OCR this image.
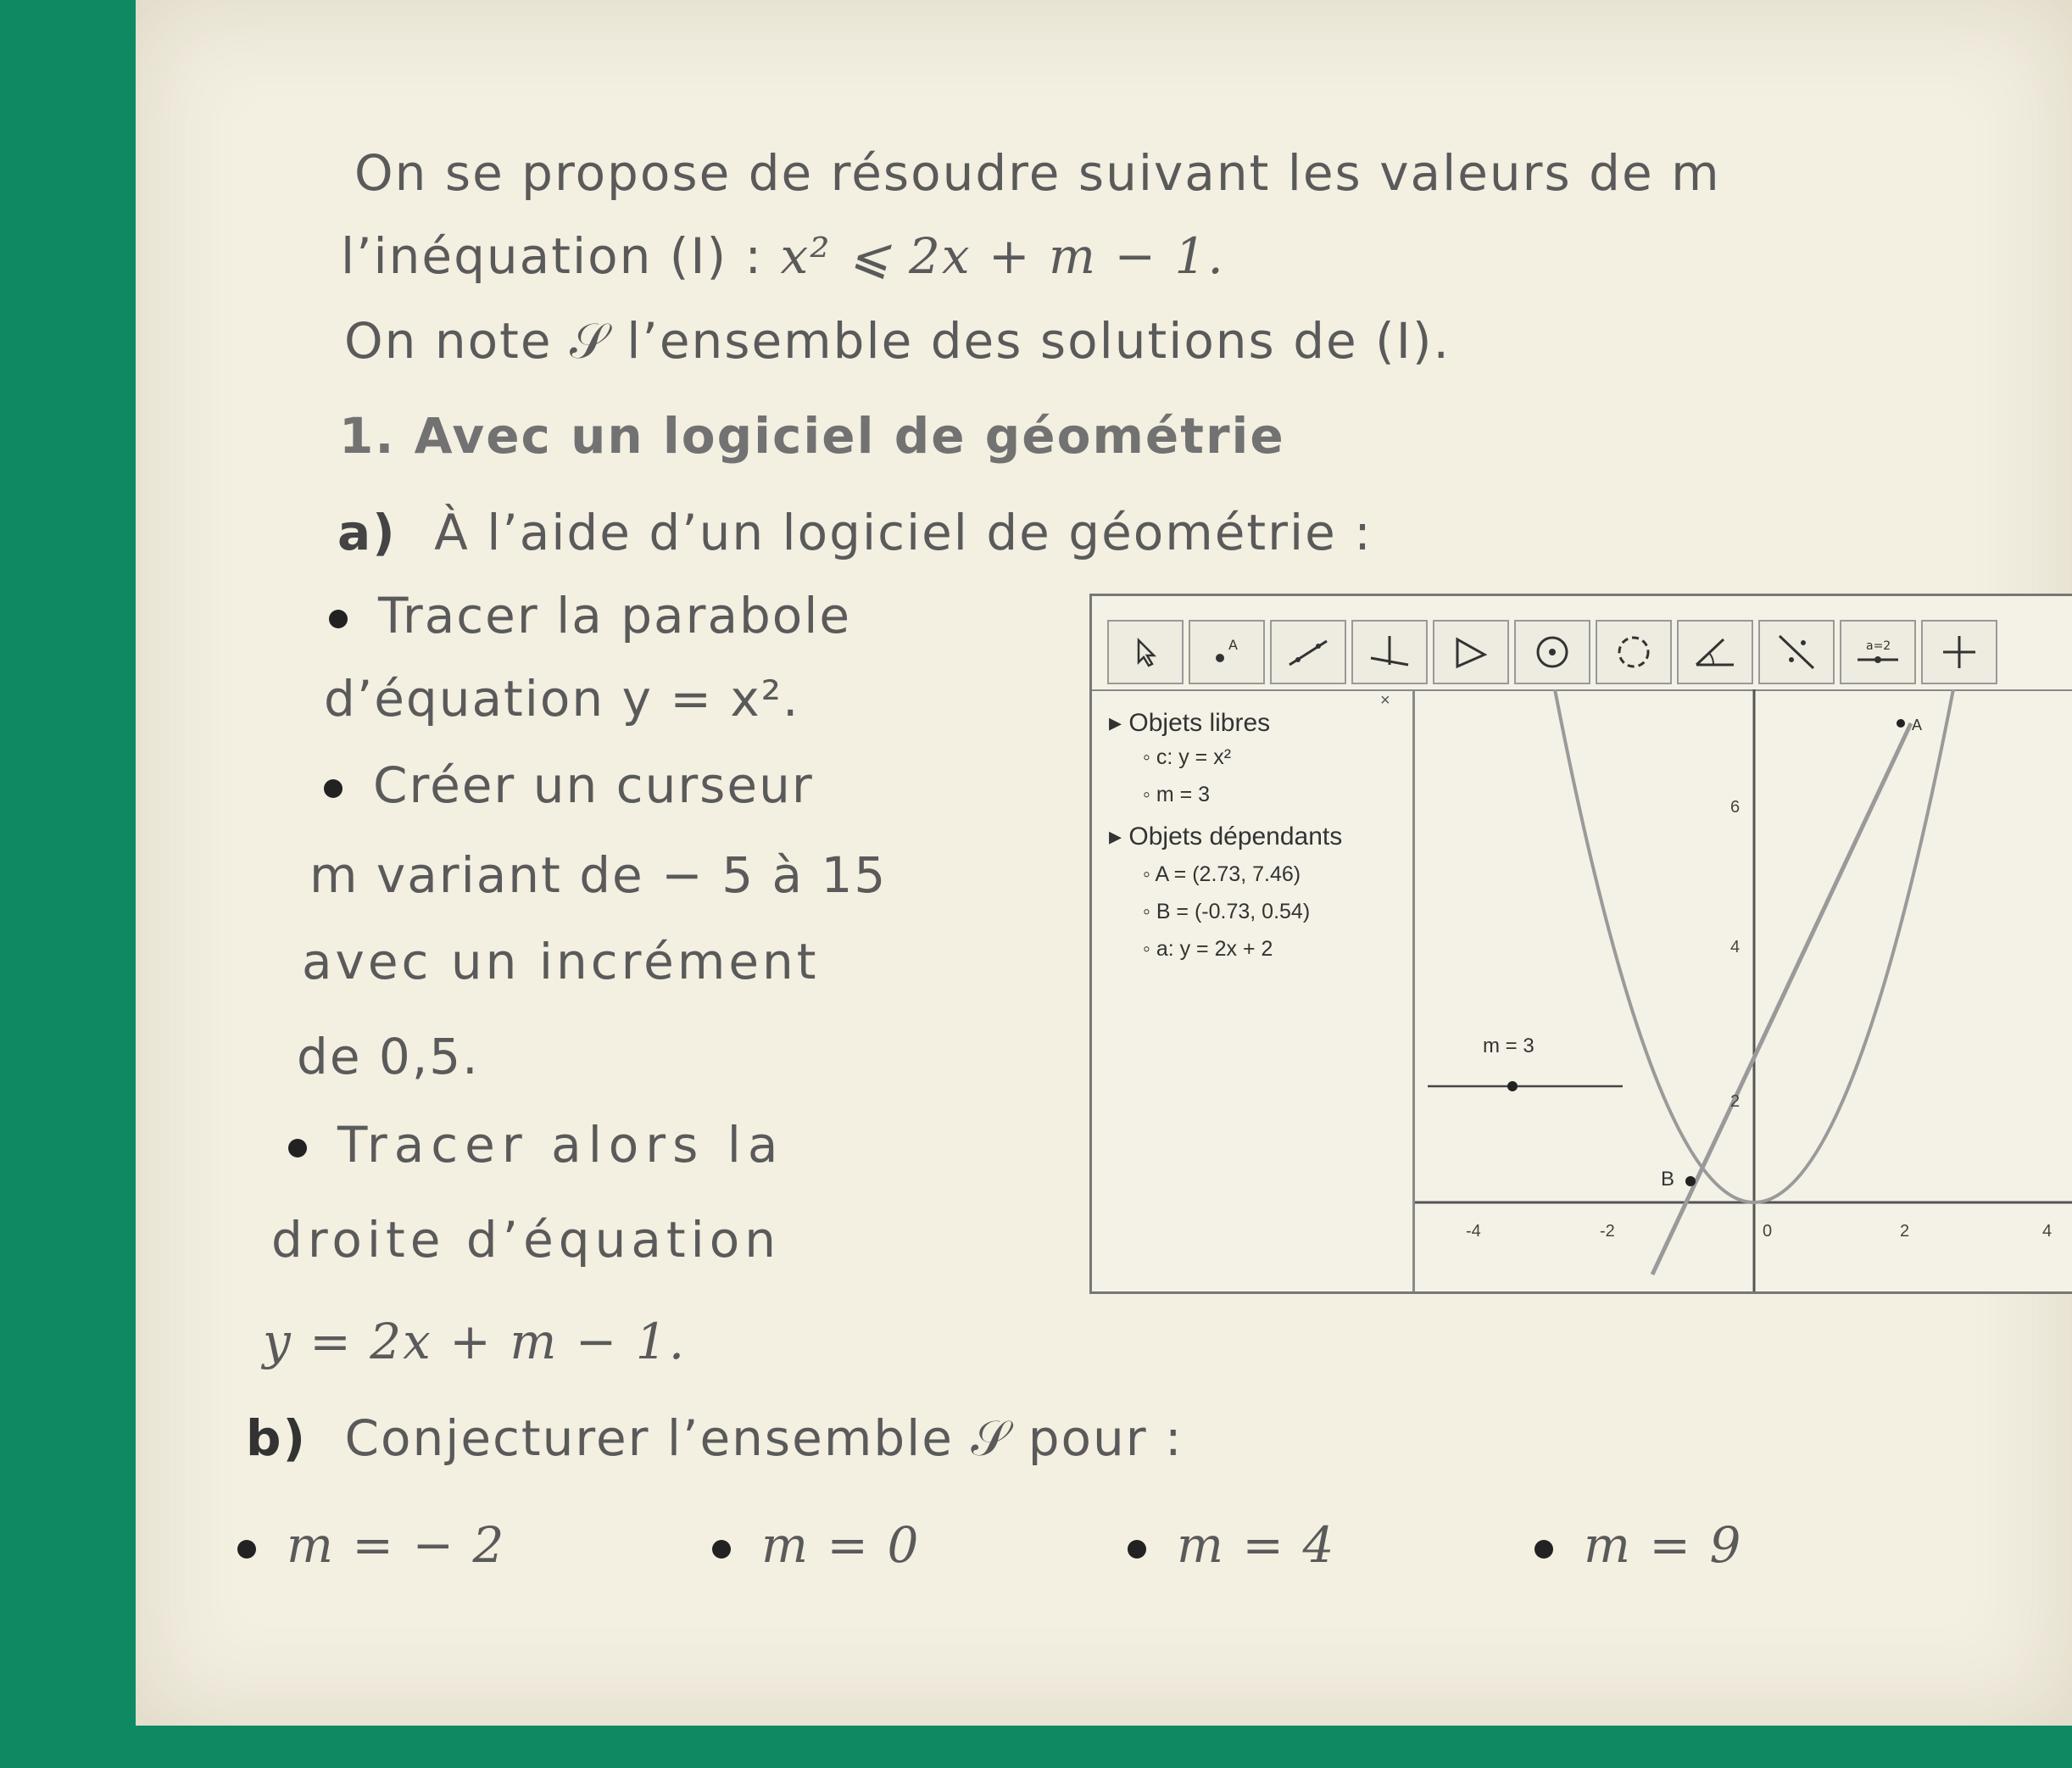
On se propose de résoudre suivant les valeurs de m
l’inéquation (I) : x² ⩽ 2x + m − 1.
On note 𝒮 l’ensemble des solutions de (I).
1. Avec un logiciel de géométrie
a) À l’aide d’un logiciel de géométrie :
Tracer la parabole
d’équation y = x².
Créer un curseur
m variant de − 5 à 15
avec un incrément
de 0,5.
Tracer alors la
droite d’équation
y = 2x + m − 1.
b) Conjecturer l’ensemble 𝒮 pour :
m = − 2	m = 0	m = 4	m = 9
A	a=2
×
▸ Objets libres
◦ c: y = x²
◦ m = 3
▸ Objets dépendants
◦ A = (2.73, 7.46)
◦ B = (-0.73, 0.54)
◦ a: y = 2x + 2
m = 3
A
B
-4	-2	0	2	4
2
4
6
